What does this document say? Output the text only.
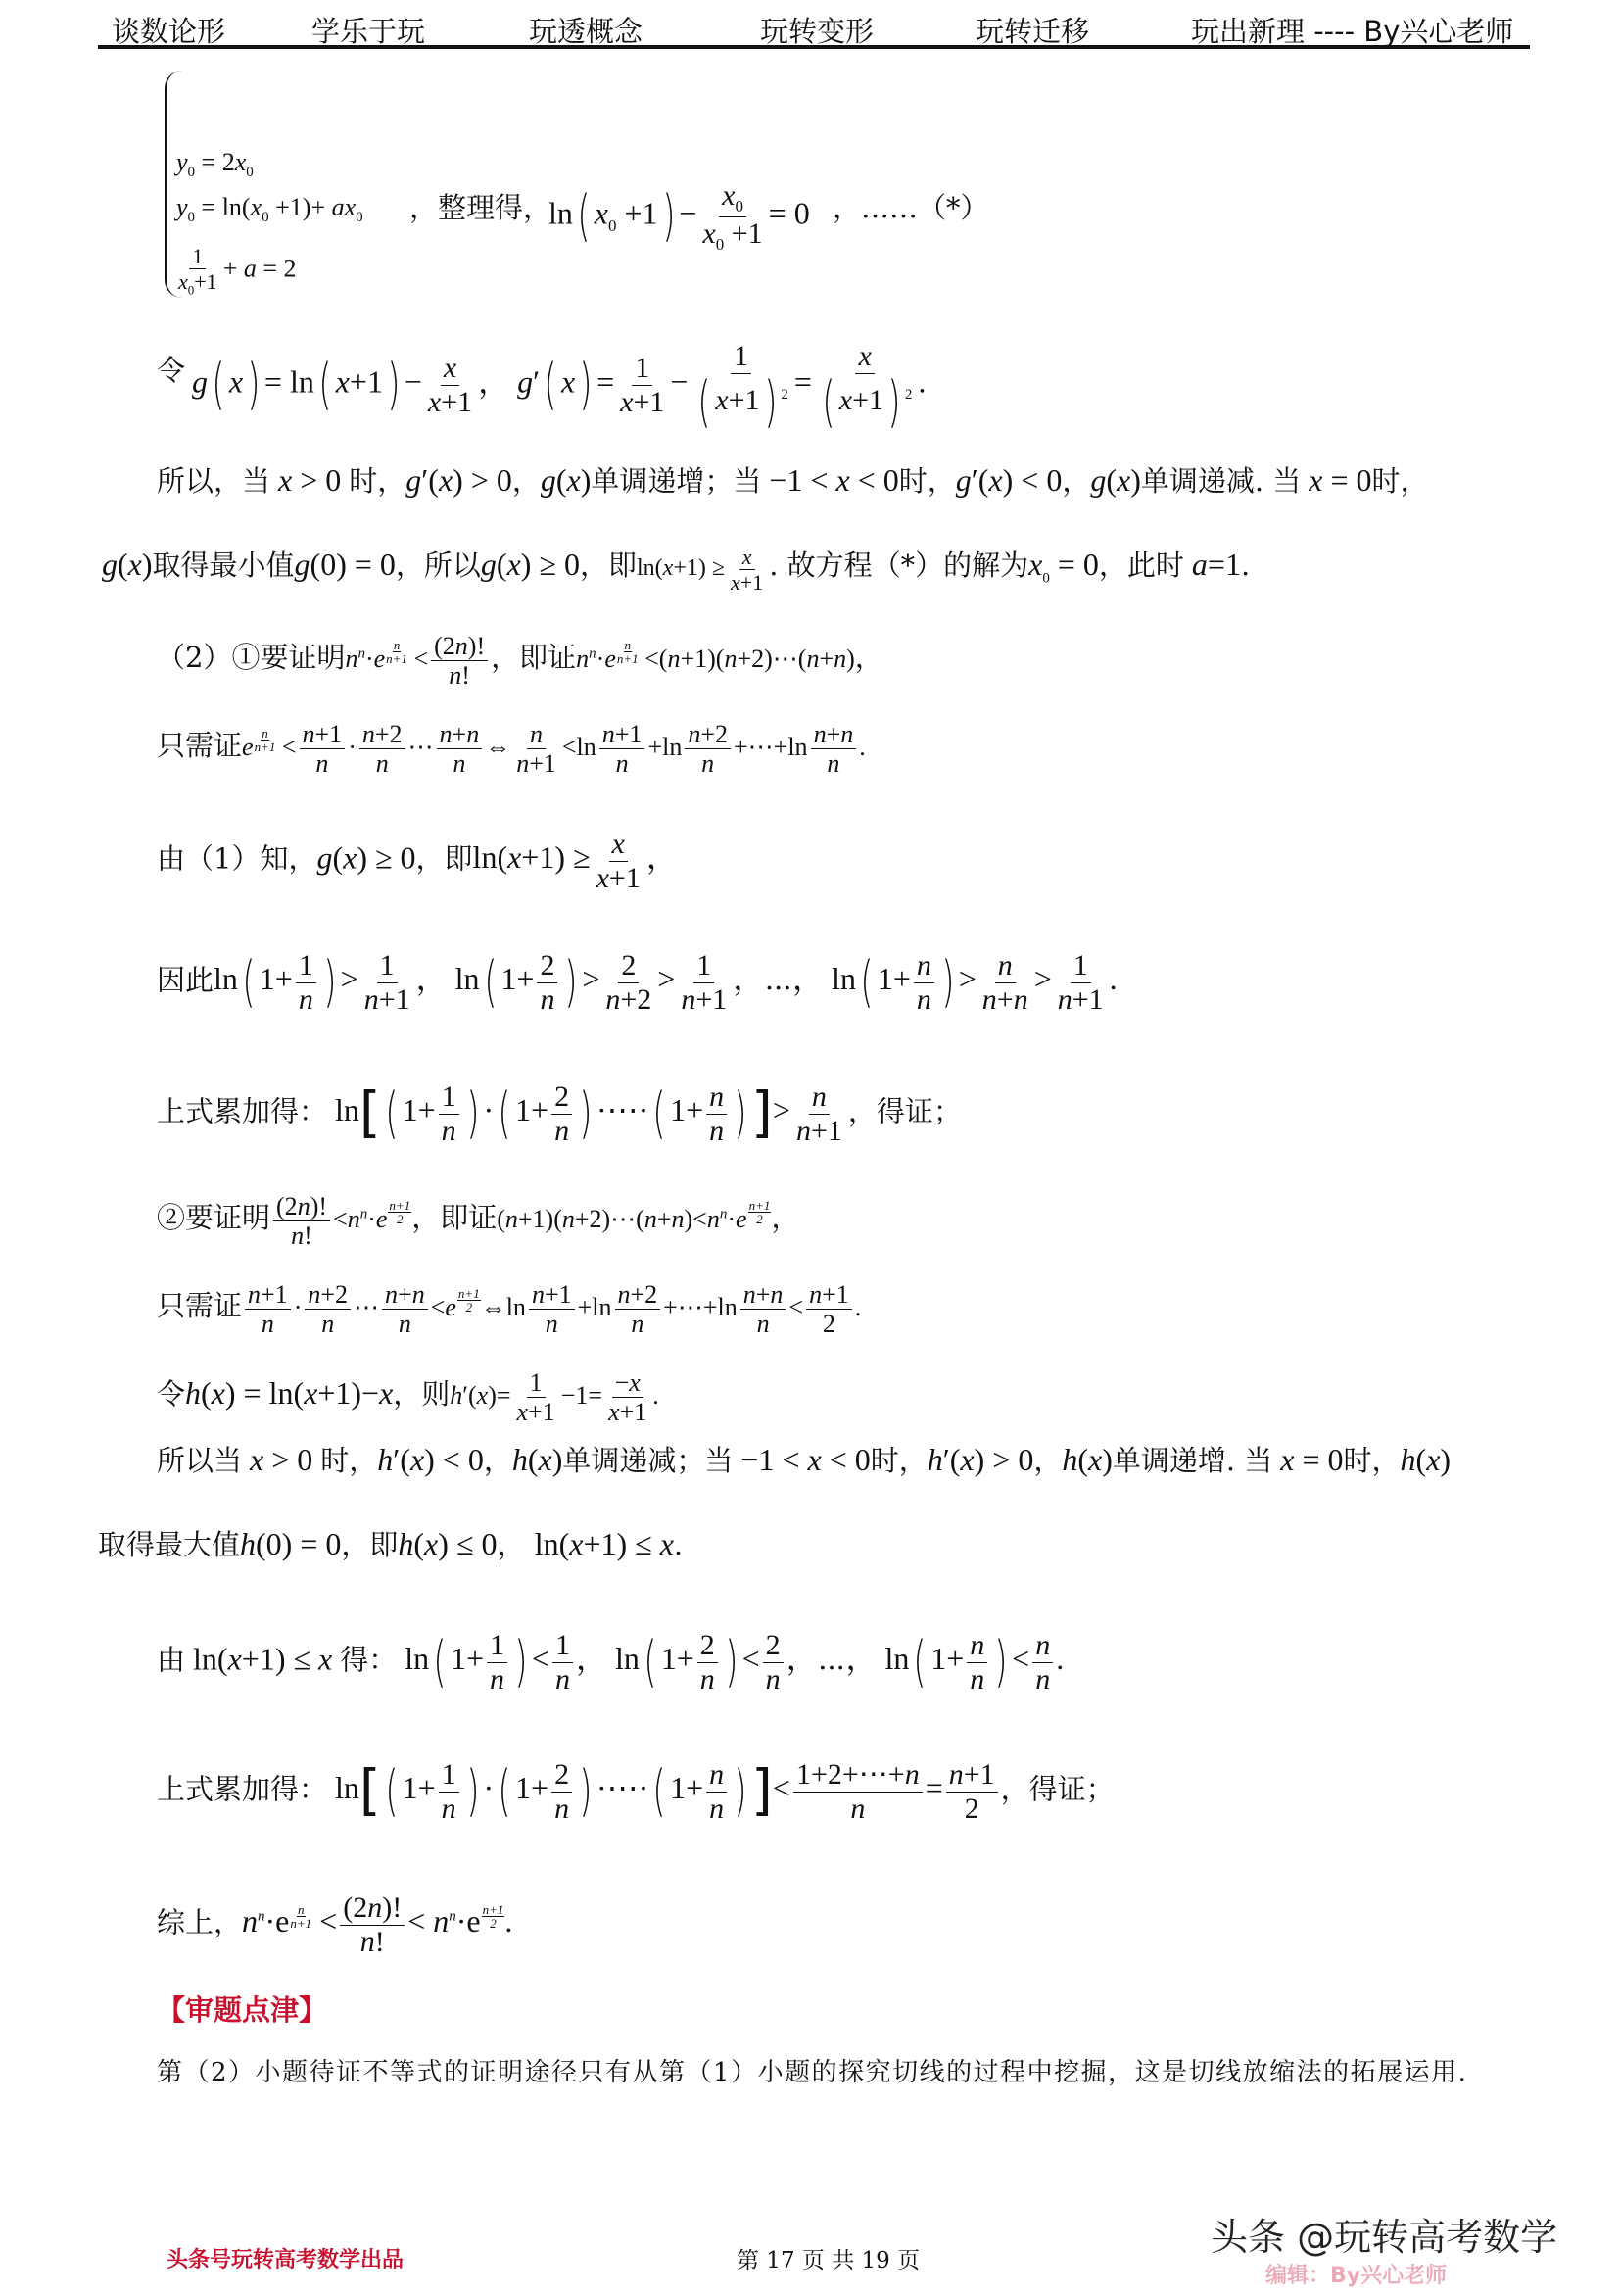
谈数论形	学乐于玩	玩透概念	玩转变形	玩转迁移	玩出新理 ---- By兴心老师
$y_0 = 2x_0$
$y_0 = \ln(x_0 +1)+ ax_0$
$\frac{1}{x_0+1} + a = 2$
，整理得，
ln( $x_0 +1) - \frac{x_0}{x_0 +1} = 0$ ，……（*）
令 g( x) = ln( $x+1) - \frac{x}{x+1}$ ， g′( $x) = \frac{1}{x+1} - \frac{1}{( x+1) ^2} = \frac{x}{( x+1) ^2}$ .
所以，当 x > 0 时，g′(x) > 0，g(x)单调递增；当 −1 < x < 0时，g′(x) < 0，g(x)单调递减. 当 x = 0时，
g(x)取得最小值g(0) = 0，所以g(x) ≥ 0，即$\ln(x+1) \ge \frac{x}{x+1}$ . 故方程（*）的解为$x_0 = 0$，此时 a=1.
（2）①要证明$n^n\cdot e \frac{n}{n+1} < \frac{(2n)!}{n!}$ ，即证$n^n\cdot e \frac{n}{n+1}$ <(n+1)(n+2)⋯(n+n)，
只需证e $\frac{n}{n+1} < \frac{n+1}{n} \cdot \frac{n+2}{n}$ ⋯ $\frac{n+n}{n}$ ⇔ $\frac{n}{n+1} <\ln \frac{n+1}{n} +\ln \frac{n+2}{n}$ +⋯+ln $\frac{n+n}{n}$ .
由（1）知，g(x) ≥ 0，即$\ln(x+1) \ge \frac{x}{x+1}$ ，
因此ln( $1+ \frac{1}{n}$ ) > $\frac{1}{n+1}$ ， ln( $1+ \frac{2}{n}$ ) > $\frac{2}{n+2} > \frac{1}{n+1}$ ，⋯， ln( $1+ \frac{n}{n}$ ) > $\frac{n}{n+n} > \frac{1}{n+1}$ .
上式累加得： ln[( $1+ \frac{1}{n}$ ) ·( $1+ \frac{2}{n}$ ) ·⋯·( $1+ \frac{n}{n}$ )]> $\frac{n}{n+1}$ ，得证；
②要证明 $\frac{(2n)!}{n!} <n^n\cdot e \frac{n+1}{2}$ ，即证$(n+1)(n+2)\cdots(n+n)<n^n\cdot e \frac{n+1}{2}$ ，
只需证 $\frac{n+1}{n} \cdot \frac{n+2}{n}$ ⋯ $\frac{n+n}{n} <e \frac{n+1}{2}$ ⇔ln $\frac{n+1}{n} +\ln \frac{n+2}{n}$ +⋯+ln $\frac{n+n}{n} < \frac{n+1}{2}$ .
令h(x) = ln(x+1)−x，则$h'(x)= \frac{1}{x+1} -1= \frac{-x}{x+1}$ .
所以当 x > 0 时，h′(x) < 0，h(x)单调递减；当 −1 < x < 0时，h′(x) > 0，h(x)单调递增. 当 x = 0时，h(x)
取得最大值h(0) = 0，即h(x) ≤ 0， ln(x+1) ≤ x.
由 ln(x+1) ≤ x 得： ln( $1+ \frac{1}{n}$ ) < $\frac{1}{n}$ ， ln( $1+ \frac{2}{n}$ ) < $\frac{2}{n}$ ，⋯， ln( $1+ \frac{n}{n}$ ) < $\frac{n}{n}$ .
上式累加得： ln[( $1+ \frac{1}{n}$ ) ·( $1+ \frac{2}{n}$ ) ·⋯·( $1+ \frac{n}{n}$ )]< $\frac{1+2+\cdots+n}{n} = \frac{n+1}{2}$ ，得证；
综上，$n^n\cdot e \frac{n}{n+1} < \frac{(2n)!}{n!} < n^n\cdot e \frac{n+1}{2}$ .
【审题点津】
第（2）小题待证不等式的证明途径只有从第（1）小题的探究切线的过程中挖掘，这是切线放缩法的拓展运用.
头条号玩转高考数学出品	第 17 页 共 19 页
编辑：By兴心老师
头条 @玩转高考数学
